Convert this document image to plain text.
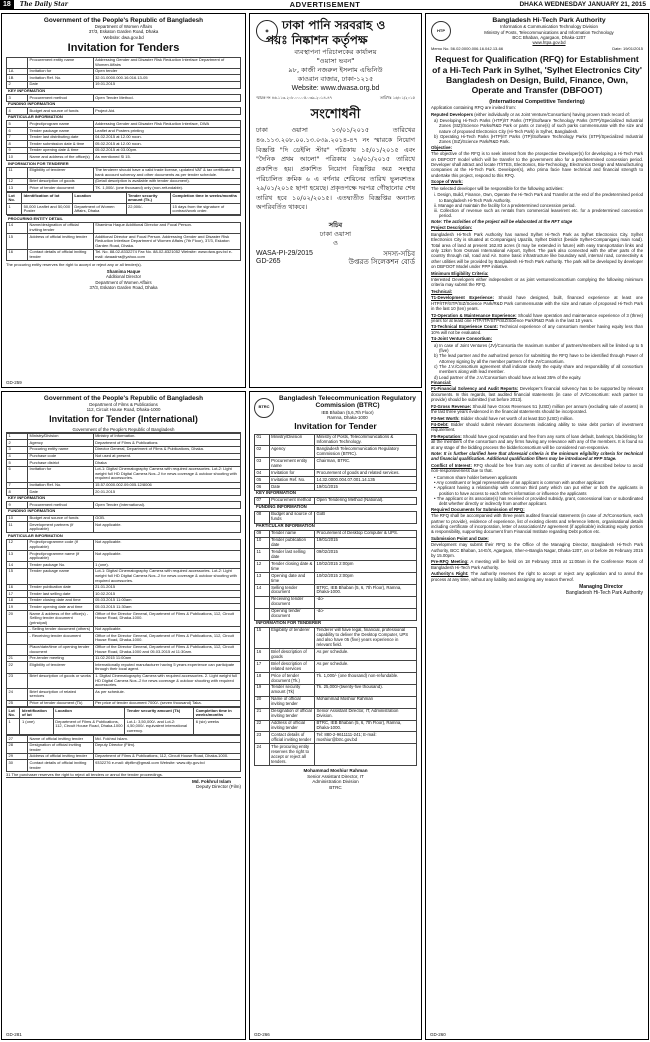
18	The Daily Star	ADVERTISEMENT	DHAKA WEDNESDAY JANUARY 21, 2015
Government of the People's Republic of Bangladesh
Department of Women Affairs
37/3, Eskaton Garden Road, Dhaka
Website: dwa.gov.bd
Invitation for Tenders
	Procurement entity name	Addressing Gender and Disaster Risk Reduction Interface Department of Women Affairs
1A	Invitation for	Open tender
1B	Invitation Ref. No.	32.01.0000.000.16.016.13-05
2	Date	19.01.2015
KEY INFORMATION		
3	Procurement method	Open Tender Method.
FUNDING INFORMATION		
4	Budget and source of funds	Project Aid.
PARTICULAR INFORMATION		
5	Project/program name	Addressing Gender and Disaster Risk Reduction Interface, DWA
6	Tender package name	Leaflet and Posters printing
7	Tender last distributing date	04.02.2015 at 12.00 noon.
8	Tender submission date & time	05.02.2015 at 12.00 noon.
9	Tender opening date & time	05.02.2015 at 03.00pm.
10	Name and address of the office(s)	As mentioned Sl 15.
INFORMATION FOR TENDERER		
11	Eligibility of tenderer	The tenderer should have a valid trade license, updated VAT & tax certificate & bank account solvency and other documents as per tender schedule.
12	Brief description of goods	(Detail description is available with tender document).
13	Price of tender document	TK. 1,000/- (one thousand) only (non-refundable).
Lot No.	Identification of lot	Location	Tender security amount (Tk.)	Completion time in weeks/months
1	50,000 Leaflet and 50,000 Poster	Department of Women Affairs, Dhaka	22,000/-	15 days from the signature of contract/work order.
PROCURING ENTITY DETAIL		
14	Name/designation of official inviting tender	Shamima Haque Additional Director and Focal Person.
15	Address of official inviting tender	Additional Director and Focal Person. Addressing Gender and Disaster Risk Reduction Interface Department of Women Affairs (7th Floor), 37/3, Eskaton Garden Road, Dhaka.
16	Contact details of official inviting tender	Tel. No. 88-02-8332274 Fax No. 88-02-8321052 Website: www.dwa.gov.bd e-mail: dwaadrra@yahoo.com
The procuring entity reserves the right to accept or reject any or all tender(s).
Shamima Haque
Additional Director
Department of Women Affairs
37/3, Eskaton Garden Road, Dhaka
GD-259
◉	ঢাকা পানি সরবরাহ ও
পয়ঃ নিষ্কাশন কর্তৃপক্ষ
ব্যবস্থাপনা পরিচালকের কার্যালয়
"ওয়াসা ভবন"
৯৮, কাজী নজরুল ইসলাম এভিনিউ
কাওরান বাজার, ঢাকা-১২১৫
Website: www.dwasa.org.bd
স্মারক নং ৪৬.১১৩.২০৮.০০.০৫.০৩৯.২০১৪-৪৭	তারিখঃ ১৬/০১/২০১৫
সংশোধনী
ঢাকা ওয়াসা ১৩/০১/২০১৫ তারিখের ৪৬.১১৩.২০৮.০০.১৩.০৩৯.২০১৪-৪৭ নং স্মারকে নিয়োগ বিজ্ঞপ্তি "দি ডেইলি স্টার" পত্রিকায় ১৫/০১/২০১৫ এবং "দৈনিক প্রথম আলো" পত্রিকায় ১৬/০১/২০১৫ তারিখে প্রকাশিত হয়। প্রকাশিত নিয়োগ বিজ্ঞপ্তির অত্র সংস্থার পরিচালিত ক্রমিক ৬ এ বর্ণনার শেয়িনের তারিখ ভুলবশতঃ ২৯/০১/২০১৫ ছাপা হয়েছে। প্রকৃতপক্ষে দরপত্র গৌছানোর শেষ তারিখ হবে ১০/০২/২০১৫। এতদ্ব্যতীত বিজ্ঞপ্তির অন্যান্য অপরিবর্তিত থাকবে।
সচিব
ঢাকা ওয়াসা
ও
WASA-PI-29/2015	সদস্য-সচিব
GD-265	উপ্তরত সিলেকশন বোর্ড
HTP
Bangladesh Hi-Tech Park Authority
Information & Communication Technology Division
Ministry of Posts, Telecommunications and Information Technology
BCC Bhaban, Agargaon, Dhaka-1207
www.htpa.gov.bd
Memo No. 56.02.0000.006.16.042.13-66	Date: 19/01/2015
Request for Qualification (RFQ) for Establishment of a Hi-Tech Park in Sylhet, 'Sylhet Electronics City' Bangladesh on Design, Build, Finance, Own, Operate and Transfer (DBFOOT)
(International Competitive Tendering)
Application containing RFQ are invited from:
Reputed Developers (either individually or as Joint Venture/Consortium) having proven track record of:
a) Developing Hi-Tech Parks (HTP)/IT Parks (ITP)/Software Technology Parks (STP)/Specialized Industrial Zones (SIZ)/Science Parks/R&D Park or parts or zone(s) of such parks commensurate with the size and nature of proposed Electronics City (Hi-Tech Park) in Sylhet, Bangladesh.
b) Operating Hi-Tech Parks (HTP)/IT Parks (ITP)/Software Technology Parks (STP)/Specialized Industrial Zones (SIZ)/Science Park/R&D Park.
Objective:
The objective of the RFQ is to seek interest from the prospective Developer(s) for developing a Hi-Tech Park on DBFOOT model which will be transfer to the government also for a predetermined concession period. Developer shall attract and locate IT/ITES, Electronics, Bio-Technology, Electronics Design and Manufacturing companies at the Hi-Tech Park. Developer(s), who prima facie have technical and financial strength to undertake this project, respond to this RFQ.
Scope of Work:
The selected developer will be responsible for the following activities:
i. Design, Build, Finance, Own, Operate the Hi-Tech Park and Transfer at the end of the predetermined period to Bangladesh Hi-Tech Park Authority.
ii. Manage and maintain the facility for a predetermined concession period.
iii. Collection of revenue such as rentals from commercial lease/rent etc. for a predetermined concession period.
Note: The activities of the project will be elaborated at the RFT stage
Project Description:
Bangladesh Hi-Tech Park Authority has named Sylhet Hi-Tech Park as Sylhet Electronics City. Sylhet Electronics City is situated at Companiganj Upazila, Sylhet District (beside Sylhet-Companiganj main road). Total area of land at present 162.83 acres (it may be extended in future) with easy transportation links and only 12km from Osmani International Airport, Sylhet. The park also connected with the other parts of the country through rail, road and Air. Some basic infrastructure like boundary wall, internal road, connectivity & other utilities will be provided by Bangladesh Hi-Tech Park Authority. The park will be developed by developer on DBFOOT Model under PPP initiative.
Minimum Eligibility Criteria:
Interested Developers either independent or as joint ventures/consortium complying the following minimum criteria may submit the RFQ.
Technical:
T1-Development Experience: Should have designed, built, financed experience at least one HTP/ITP/STP/SIZ/Science Park/R&D Park commensurate with the size and nature of proposed Hi-Tech Park in the last 10 (ten) years.
T2-Operation & Maintenance Experience: Should have operation and maintenance experience of 3 (three) years for at least one HTP/ITP/STP/SIZ/Science Park/R&D Park in the last 10 years.
T3-Technical Experience Count: Technical experience of any consortium member having equity less than 10% will not be evaluated.
T4-Joint Venture Consortium:
a) In case of Joint Ventures (JV)/Consortia the maximum number of partners/members will be limited up to 5 (five)
b) The lead partner and the authorized person for submitting the RFQ have to be identified through Power of Attorney signing by all the member partners of the JV/Consortium.
c) The J.V./Consortium agreement shall indicate clearly the equity share and responsibility of all consortium members along with lead member.
d) Lead partner of the J.V./Consortium should have at least 35% of the equity.
Financial:
F1-Financial Solvency and Audit Reports: Developer's financial solvency has to be supported by relevant documents. In this regards, last audited financial statements (in case of JV/Consortium: each partner to provide) should be submitted (not before 2013).
F2-Gross Revenue: Should have Gross Revenues 51 (USD) million per annum (excluding sale of assets) in the last three years evidenced in the financial statements should be incorporated.
F3-Net Worth: Bidder should have net worth of at least $10 (USD) million.
F4-Debt: Bidder should submit relevant documents indicating ability to raise debt portion of investment requirement.
F5-Reputation: Should have good reputation and free from any sorts of loan default, bankrupt, blacklisting for all the members of the consortium and any firms having any relevance with any of the members. It is found so at any stage of the bidding process the bidder/consortium will be considered non-responsive.
Note: It is further clarified here that aforesaid criteria is the minimum eligibility criteria for technical and financial qualification. Additional qualification filters may be introduced at RFP Stage.
Conflict of Interest: RFQ should be free from any sorts of conflict of interest as described below to avoid non-responsiveness due to that.
• Common share holder between applicants
• Any constituent or legal representative of an applicant is common with another applicant
• Applicant having a relationship with common third party which can put either or both the applicants in position to have access to each other's information or influence the applicants
• The applicant or its associate(s) has received or provided subsidy, grant, concessional loan or subordinated debt whether directly or indirectly from another applicant.
Required Documents for Submission of RFQ:
The RFQ shall be accompanied with three years audited financial statements (in case of JV/Consortium, each partner to provide), evidence of experience, list of existing clients and reference letters, organisational details including certificate of incorporation, letter of association/JV agreement (if applicable) indicating equity portion & responsibility, supporting document from Financial Institute regarding Debt portion etc.
Submission Point and Date:
Development may submit their RFQ to the Office of the Managing Director, Bangladesh Hi-Tech Park Authority, BCC Bhaban, 14-E/X, Agargaon, Sher-e-Bangla Nagar, Dhaka-1207, on or before 26 February 2015 by 15.00pm.
Pre-RFQ Meeting: A meeting will be held on 18 February 2015 at 11:00am in the Conference Room of Bangladesh Hi-Tech Park Authority.
Authority's Right: The authority reserves the right to accept or reject any application and to annul the process at any time, without any liability and assigning any reason thereof.
Managing Director
Bangladesh Hi-Tech Park Authority
GD-260
Government of the People's Republic of Bangladesh
Department of Films & Publications
112, Circuit House Road, Dhaka-1000
Invitation for Tender (International)
Government of the People's Republic of Bangladesh
1	Ministry/Division	Ministry of Information.
2	Agency	Department of Films & Publications
3	Procuring entity name	Director General, Department of Films & Publications, Dhaka.
4	Purchase code	Not used at present.
5	Purchase district	Dhaka
6	Invitation for	Lot-1: Digital Cinematography Camera with required accessories. Lot-2: Light weight full HD Digital Camera Nos.-2 for news coverage & outdoor shooting with required accessories.
7	Invitation Ref. No.	15.57.0000.002.09.005.12/8006
8	Date	20.01.2015
KEY INFORMATION		
9	Procurement method	Open Tender (International).
FUNDING INFORMATION		
10	Budget and source of funds	GOB.
11	Development partners (if applicable)	Not applicable.
PARTICULAR INFORMATION		
12	Project/programme code (if applicable)	Not applicable.
13	Project/programme name (if applicable)	Not applicable.
14	Tender package No.	1 (one).
15	Tender package name	Lot-1: Digital Cinematography Camera with required accessories. Lot-2: Light weight full HD Digital Camera Nos.-2 for news coverage & outdoor shooting with required accessories.
16	Tender publication date	21.01.2015
17	Tender last selling date	10.02.2015
18	Tender closing date and time	05.03.2015 11:00am
19	Tender opening date and time	05.03.2015 11:30am
20	Name & address of the office(s) - Selling tender document (principal)	Office of the Director General, Department of Films & Publications, 112, Circuit House Road, Dhaka-1000.
	- Selling tender document (others)	Not applicable.
	- Receiving tender document	Office of the Director General, Department of Films & Publications, 112, Circuit House Road, Dhaka-1000.
	Place/date/time of opening tender document	Office of the Director General, Department of Films & Publications, 112, Circuit House Road, Dhaka-1000 and 05.03.2015 at 11:30am.
21	Pre-tender meeting	11.02.2015 11:00am
22	Eligibility of tenderer	Internationally reputed manufacturer having 5 years experience can participate through their local agent.
23	Brief description of goods or works	1. Digital Cinematography Camera with required accessories. 2. Light weight full HD Digital Camera Nos.-2 for news coverage & outdoor shooting with required accessories.
24	Brief description of related services	As per schedule.
25	Price of tender document (Tk)	Per price of tender document 7000/- (seven thousand) Taka.
Lot No.	Identification of lot	Location	Tender security amount (Tk)	Completion time in weeks/months
1	1 (one)	Department of Films & Publications, 112, Circuit House Road, Dhaka-1000	Lot-1: 3,50,000/- and Lot-2: 4,50,000/- equivalent international currency.	6 (six) weeks
27	Name of official inviting tender	Md. Fokhrul Islam.
28	Designation of official inviting tender	Deputy Director (Film).
29	Address of official inviting tender	Department of Films & Publications, 112, Circuit House Road, Dhaka-1000.
30	Contact details of official inviting tender	9332276 e-mail: dfpfilm@gmail.com Website: www.dfp.gov.bd
31 The purchaser reserves the right to reject all tenders or annul the tender proceedings.
Md. Fokhrul Islam
Deputy Director (Film)
GD-281
BTRC
Bangladesh Telecommunication Regulatory Commission (BTRC)
IEB Bhaban (5,6,7th Floor)
Ramna, Dhaka-1000
Invitation for Tender
01	Ministry/Division	Ministry of Posts, Telecommunications & Information Technology.
02	Agency	Bangladesh Telecommunication Regulatory Commission (BTRC).
03	Procurement entity name	Chairman, BTRC.
04	Invitation for	Procurement of goods and related services.
05	Invitation Ref. No.	14.32.0000.004.07.001.14.135
06	Date	19/01/2015
KEY INFORMATION		
07	Procurement method	Open Tendering Method (National).
FUNDING INFORMATION		
08	Budget and source of funds	GoB
PARTICULAR INFORMATION		
09	Tender name	Procurement of Desktop Computer & UPS.
10	Tender publication date	19/01/2015
11	Tender last selling date	09/02/2015
12	Tender closing date & time	10/02/2015 2:00pm
13	Opening date and time	10/02/2015 2:00pm
14	Selling tender document	BTRC, IEB Bhaban (5, 6, 7th Floor), Ramna, Dhaka-1000.
	Receiving tender document	-do-
	Opening tender document	-do-
INFORMATION FOR TENDERER		
15	Eligibility of tenderer	Tenderer will have legal, financial, professional capability to deliver the Desktop Computer, UPS and also have 05 (five) years experience in relevant field.
16	Brief description of goods	As per schedule.
17	Brief description of related services	As per schedule.
18	Price of tender document (Tk.)	Tk. 1,000/- (one thousand) non-refundable.
19	Tender security amount (Tk)	Tk. 25,000/-(twenty-five thousand).
20	Name of official inviting tender	Mohammad Moshiur Rahman
21	Designation of official inviting tender	Senior Assistant Director, IT, Administration Division.
22	Address of official inviting tender	BTRC, IEB Bhaban (5, 6, 7th Floor), Ramna, Dhaka-1000.
23	Contact details of official inviting tender	Tel: 880-2-9611111-241; E-mail: moshiur@btrc.gov.bd
24	The procuring entity reserves the right to accept or reject all tenders.	
Mohammad Moshiur Rahman
Senior Assistant Director, IT
Administration Division
BTRC
GD-266
